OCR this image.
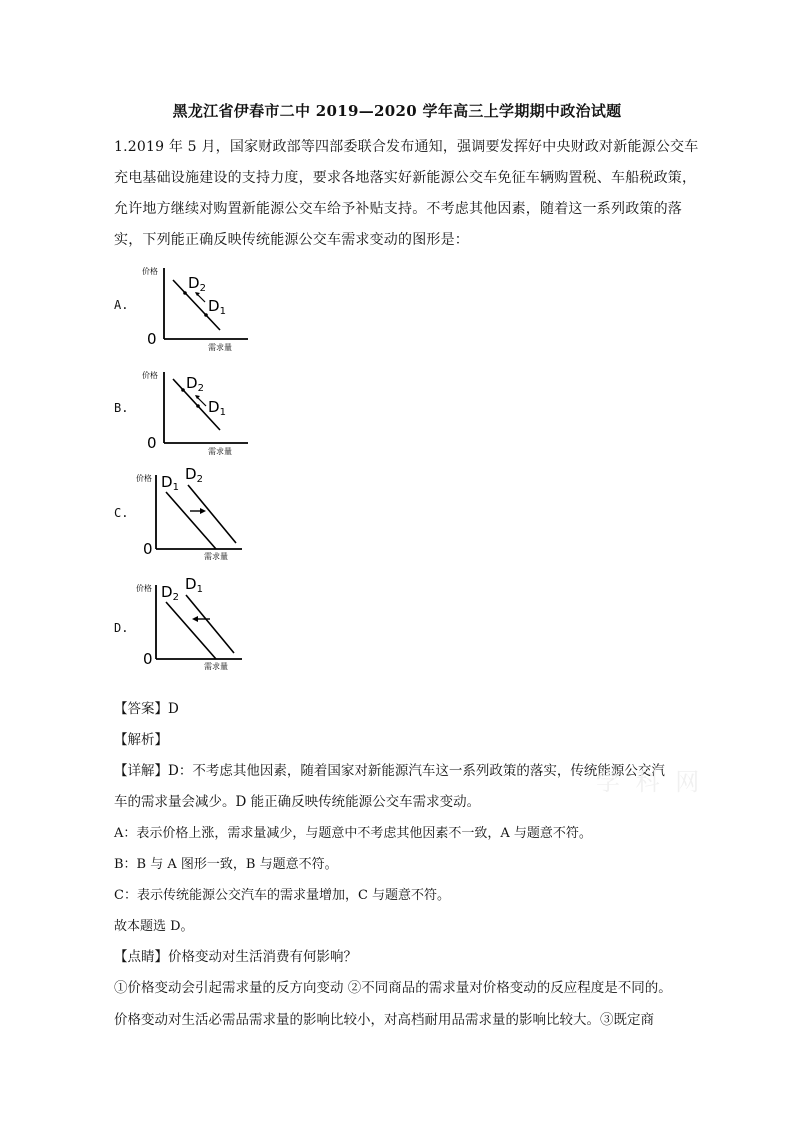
黑龙江省伊春市二中 2019—2020 学年高三上学期期中政治试题
1.2019 年 5 月，国家财政部等四部委联合发布通知，强调要发挥好中央财政对新能源公交车
充电基础设施建设的支持力度，要求各地落实好新能源公交车免征车辆购置税、车船税政策，
允许地方继续对购置新能源公交车给予补贴支持。不考虑其他因素，随着这一系列政策的落
实，下列能正确反映传统能源公交车需求变动的图形是：
A.
价格
需求量
0
$D_2$
$D_1$
B.
价格
需求量
0
$D_2$
$D_1$
C.
价格
需求量
0
$D_1$
$D_2$
D.
价格
需求量
0
$D_2$
$D_1$
【答案】D
【解析】
【详解】D：不考虑其他因素，随着国家对新能源汽车这一系列政策的落实，传统能源公交汽
车的需求量会减少。D 能正确反映传统能源公交车需求变动。
A：表示价格上涨，需求量减少，与题意中不考虑其他因素不一致，A 与题意不符。
B：B 与 A 图形一致，B 与题意不符。
C：表示传统能源公交汽车的需求量增加，C 与题意不符。
故本题选 D。
【点睛】价格变动对生活消费有何影响？
①价格变动会引起需求量的反方向变动 ②不同商品的需求量对价格变动的反应程度是不同的。
价格变动对生活必需品需求量的影响比较小，对高档耐用品需求量的影响比较大。③既定商
学 科 网
